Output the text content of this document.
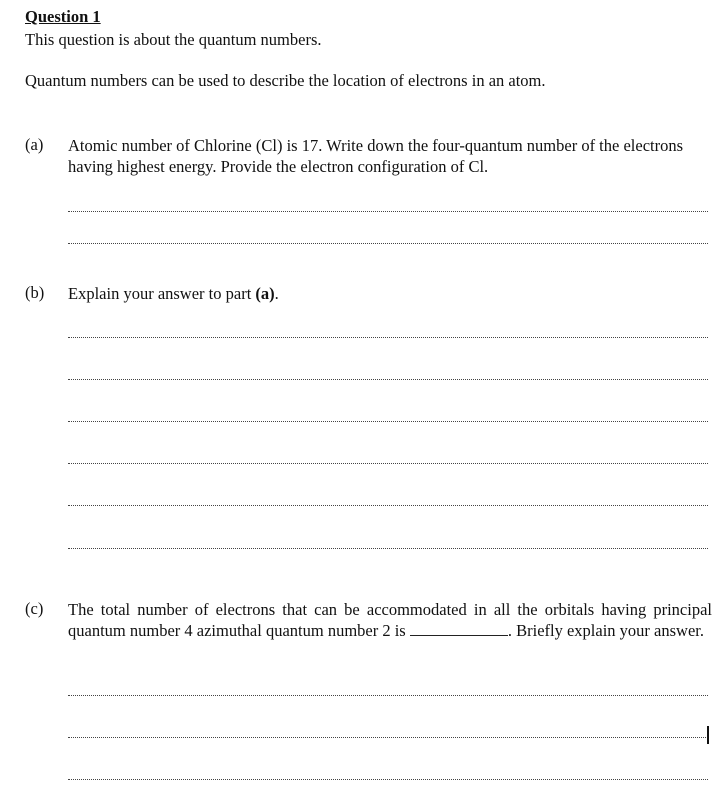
Question 1
This question is about the quantum numbers.
Quantum numbers can be used to describe the location of electrons in an atom.
(a) Atomic number of Chlorine (Cl) is 17. Write down the four-quantum number of the electrons having highest energy. Provide the electron configuration of Cl.
(b) Explain your answer to part (a).
(c) The total number of electrons that can be accommodated in all the orbitals having principal quantum number 4 azimuthal quantum number 2 is	. Briefly explain your answer.
